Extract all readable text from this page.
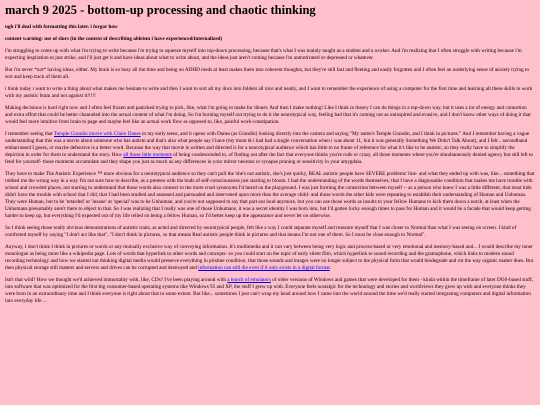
march 9 2025 - bottom-up processing and chaotic thinking
ugh i'll deal with formatting this later. i forgor how
content warning: use of slurs (in the context of describing ableism i have experienced/internalized)

I'm struggling to come up with what i'm trying to write because i'm trying to squeeze myself into top-down processing, because that's what I was mainly taught as a student and a worker. And i'm realizing that I often struggle with writing because i'm expecting inspiration to just strike, and i'll just get it and have ideas about what to write about, and the ideas just aren't coming because i'm unmotivated or depressed or whatever.

But i'm never *not* having ideas, either. My brain is so busy all the time and being on ADHD meds at least makes them into coherent thoughts, but they're still fast and fleeting and easily forgotten and I often feel an underlying sense of anxiety trying to sort and keep track of them all.

i think today i want to write a thing about what makes me hesitate to write and then I want to sort all my docs into folders all nice and neatly, and I want to remember the experience of using a computer for the first time and learning all these skills to work with my autistic brain and not against it!!!!!

Making decisions is hard right now and I often feel frozen and panicked trying to pick, like, what i'm going to make for dinner. And then I make nothing! Like I think in theory I can do things in a top-down way, but it uses a lot of energy and contortion and extra effort that could be better channeled into the actual content of what i'm doing. So i'm burning myself out trying to do it the neurotypical way, feeling bad that it's coming out as uninspired and evasive, and I don't know other ways of doing it that would feel more intuitive from brain to page and maybe feel like an actual work flow as opposed to, like, painful work-constipation.

I remember seeing that Temple Grandin movie with Claire Danes in my early teens, and it opens with Danes (as Grandin) looking directly into the camera and saying "My name's Temple Grandin, and I think in pictures." And I remember having a vague understanding that this was a movie about someone who has autism and that's also what people say I have (my mom & i had had a single conversation when i was about 11, but it was generally Something We Didn't Talk About), and I felt... secondhand embarrassed I guess, or maybe defensive is a better word. Because the way that movie is written and directed is for a neurotypical audience which has little to no frame of reference for what it's like to be autistic, so they really have to simplify the depiction in order for them to understand the story. How all those little moments of being condescended to, of finding out after the fact that everyone thinks you're rude or crazy, all those moments where you're simultaneously denied agency but still left to fend for yourself- those moments accumulate and they shape you just as much as any differences in your mirror neurons or synapse pruning or sensitivity in your amygdala.

They have to make The Autistic Experience ™ more obvious for a neurotypical audience so they can't pull the 'she's not autistic, she's just quirky, REAL autistic people have SEVERE problems' line- and what they ended up with was, like... something that rubbed me the wrong way in a way I'm not sure how to describe, as a preteen with the buds of self-consciousness just starting to bloom. I had the understanding of the words themselves; that I have a diagnosable condition that makes me have trouble with school and crowded places, not starting to understand that those words also connect to the more cruel synonyms I'd heard on the playground. I was just forming the connection between myself -- as a person who knew I was a little different, that most kids didn't have the trouble with school that I did, that I had been studied and assessed and pursuaded and intervened upon more than the average child- and those words the other kids were repeating to establish their understanding of Human and Unhuman. They were Human, but to be 'retarded' or 'insane' or 'special' was to be Unhuman, and you're not supposed to say that part out loud anymore, but you can use those words as insults to your fellow Humans to kick them down a notch, at least when the Unhumans presumably aren't there to object to that. So I was realizing that I really was one of those Unhumans, it was a secret identity I was born into, but I'd gotten lucky enough times to pass for Human and it would be a facade that would keep getting harder to keep up, but everything I'd expected out of my life relied on being a fellow Human, so I'd better keep up the appearance and never let on otherwise.

So I think seeing those really obvious demonstrations of autistic traits, as acted and directed by neurotypical people, felt like a way I could separate myself and reassure myself that I was closer to Normal than what I was seeing on screen. I kind of comforted myself by saying "I don't act like that", "I don't think in pictures, so that means Real autistic people think in pictures and that means I'm not one of them. So I must be close enough to Normal".

Anyway, I don't think I think in pictures or words or any mutually exclusive way of conveying information. It's multimedia and it can vary between being very logic and process-based or very emotional and memory-based and... I would describe my inner monologue as being more like a wikipedia page. Lots of words that hyperlink to other words and concepts- so you could start on the topic of early silent film, which hyperlink to sound recording and the gramophone, which links to modern sound recording technology and how we started out thinking digital media would preserve everything in pristine condition, that those sounds and images were no longer subject to the physical form that would biodegrade and rot the way organic matter does. But then physical storage still matters and servers and drives can be corrupted and destroyed and information can still die even if it only exists in a digital format.

Isn't that wild? How we thought we'd achieved immortality with, like, CDs? I've been playing around with a bunch of emulators of older versions of Windows and games that were developed for them - kinda within the timeframe of later DOS-based stuff, into software that was optimized for the first big consumer-based operating systems like Windows 95 and XP, the stuff I grew up with. Everyone feels nostalgic for the technology and stories and worldviews they grew up with and everyone thinks they were born in an extraordinary time and I think everyone is right about that to some extent. But like... sometimes I just can't wrap my head around how I came into the world around the time we'd really started integrating computers and digital information into everyday life ...
